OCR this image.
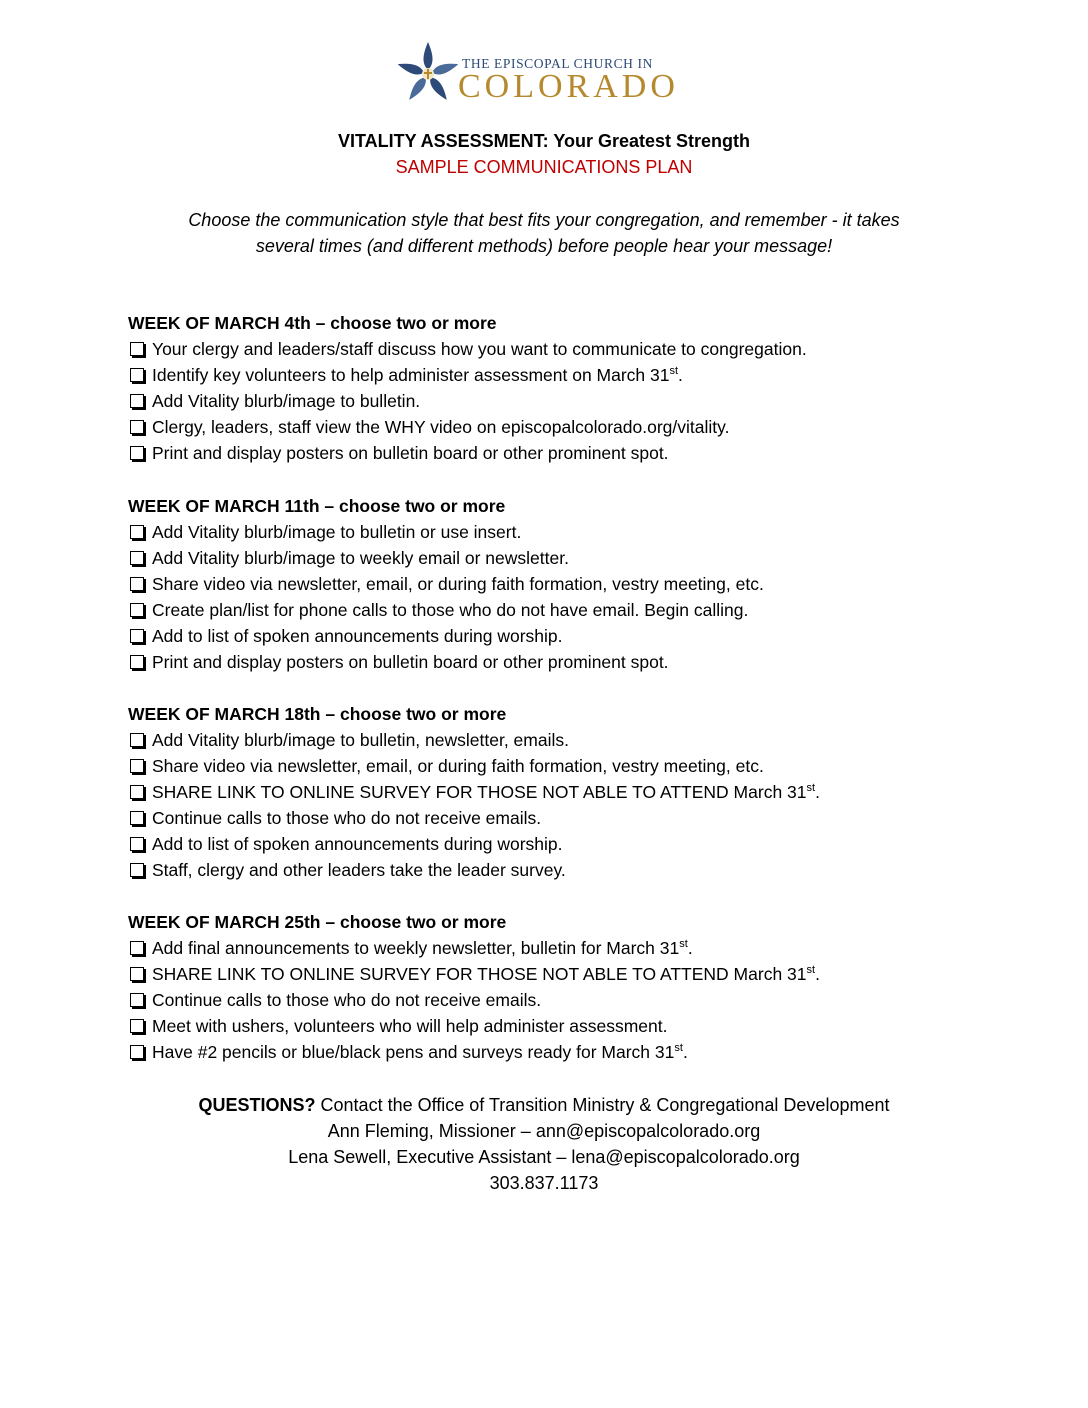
THE EPISCOPAL CHURCH IN
COLORADO
VITALITY ASSESSMENT: Your Greatest Strength
SAMPLE COMMUNICATIONS PLAN
Choose the communication style that best fits your congregation, and remember - it takes
several times (and different methods) before people hear your message!
WEEK OF MARCH 4th – choose two or more
Your clergy and leaders/staff discuss how you want to communicate to congregation.
Identify key volunteers to help administer assessment on March 31st.
Add Vitality blurb/image to bulletin.
Clergy, leaders, staff view the WHY video on episcopalcolorado.org/vitality.
Print and display posters on bulletin board or other prominent spot.
WEEK OF MARCH 11th – choose two or more
Add Vitality blurb/image to bulletin or use insert.
Add Vitality blurb/image to weekly email or newsletter.
Share video via newsletter, email, or during faith formation, vestry meeting, etc.
Create plan/list for phone calls to those who do not have email. Begin calling.
Add to list of spoken announcements during worship.
Print and display posters on bulletin board or other prominent spot.
WEEK OF MARCH 18th – choose two or more
Add Vitality blurb/image to bulletin, newsletter, emails.
Share video via newsletter, email, or during faith formation, vestry meeting, etc.
SHARE LINK TO ONLINE SURVEY FOR THOSE NOT ABLE TO ATTEND March 31st.
Continue calls to those who do not receive emails.
Add to list of spoken announcements during worship.
Staff, clergy and other leaders take the leader survey.
WEEK OF MARCH 25th – choose two or more
Add final announcements to weekly newsletter, bulletin for March 31st.
SHARE LINK TO ONLINE SURVEY FOR THOSE NOT ABLE TO ATTEND March 31st.
Continue calls to those who do not receive emails.
Meet with ushers, volunteers who will help administer assessment.
Have #2 pencils or blue/black pens and surveys ready for March 31st.
QUESTIONS? Contact the Office of Transition Ministry & Congregational Development
Ann Fleming, Missioner – ann@episcopalcolorado.org
Lena Sewell, Executive Assistant – lena@episcopalcolorado.org
303.837.1173
